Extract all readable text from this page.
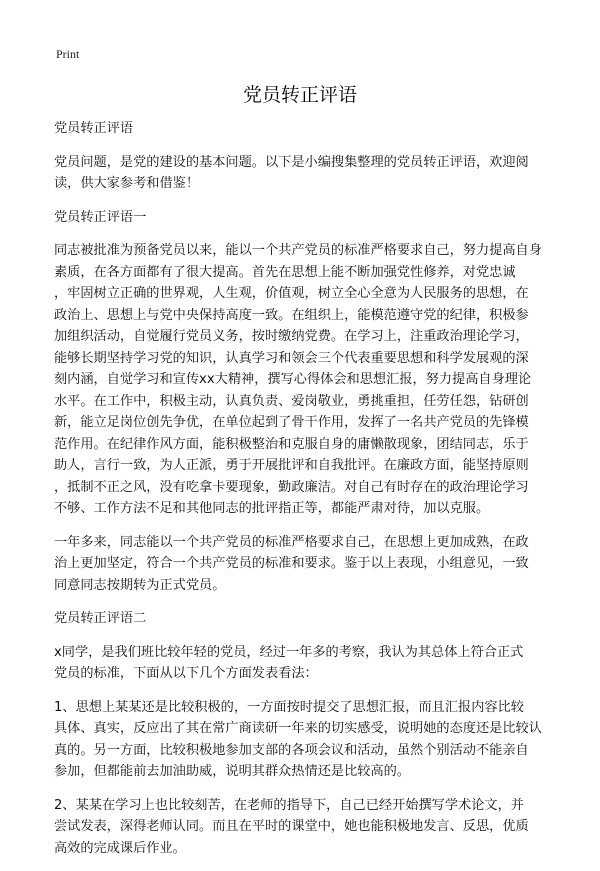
Print
党员转正评语
党员转正评语
党员问题，是党的建设的基本问题。以下是小编搜集整理的党员转正评语，欢迎阅
读，供大家参考和借鉴！
党员转正评语一
同志被批准为预备党员以来，能以一个共产党员的标准严格要求自己，努力提高自身
素质，在各方面都有了很大提高。首先在思想上能不断加强党性修养，对党忠诚
，牢固树立正确的世界观，人生观，价值观，树立全心全意为人民服务的思想，在
政治上、思想上与党中央保持高度一致。在组织上，能模范遵守党的纪律，积极参
加组织活动，自觉履行党员义务，按时缴纳党费。在学习上，注重政治理论学习，
能够长期坚持学习党的知识，认真学习和领会三个代表重要思想和科学发展观的深
刻内涵，自觉学习和宣传xx大精神，撰写心得体会和思想汇报，努力提高自身理论
水平。在工作中，积极主动，认真负责、爱岗敬业，勇挑重担，任劳任怨，钻研创
新，能立足岗位创先争优，在单位起到了骨干作用，发挥了一名共产党员的先锋模
范作用。在纪律作风方面，能积极整治和克服自身的庸懒散现象，团结同志，乐于
助人，言行一致，为人正派，勇于开展批评和自我批评。在廉政方面，能坚持原则
，抵制不正之风，没有吃拿卡要现象，勤政廉洁。对自己有时存在的政治理论学习
不够、工作方法不足和其他同志的批评指正等，都能严肃对待，加以克服。
一年多来，同志能以一个共产党员的标准严格要求自己，在思想上更加成熟，在政
治上更加坚定，符合一个共产党员的标准和要求。鉴于以上表现，小组意见，一致
同意同志按期转为正式党员。
党员转正评语二
x同学，是我们班比较年轻的党员，经过一年多的考察，我认为其总体上符合正式
党员的标准，下面从以下几个方面发表看法：
1、思想上某某还是比较积极的，一方面按时提交了思想汇报，而且汇报内容比较
具体、真实，反应出了其在常广商读研一年来的切实感受，说明她的态度还是比较认
真的。另一方面，比较积极地参加支部的各项会议和活动，虽然个别活动不能亲自
参加，但都能前去加油助威，说明其群众热情还是比较高的。
2、某某在学习上也比较刻苦，在老师的指导下，自己已经开始撰写学术论文，并
尝试发表，深得老师认同。而且在平时的课堂中，她也能积极地发言、反思，优质
高效的完成课后作业。
